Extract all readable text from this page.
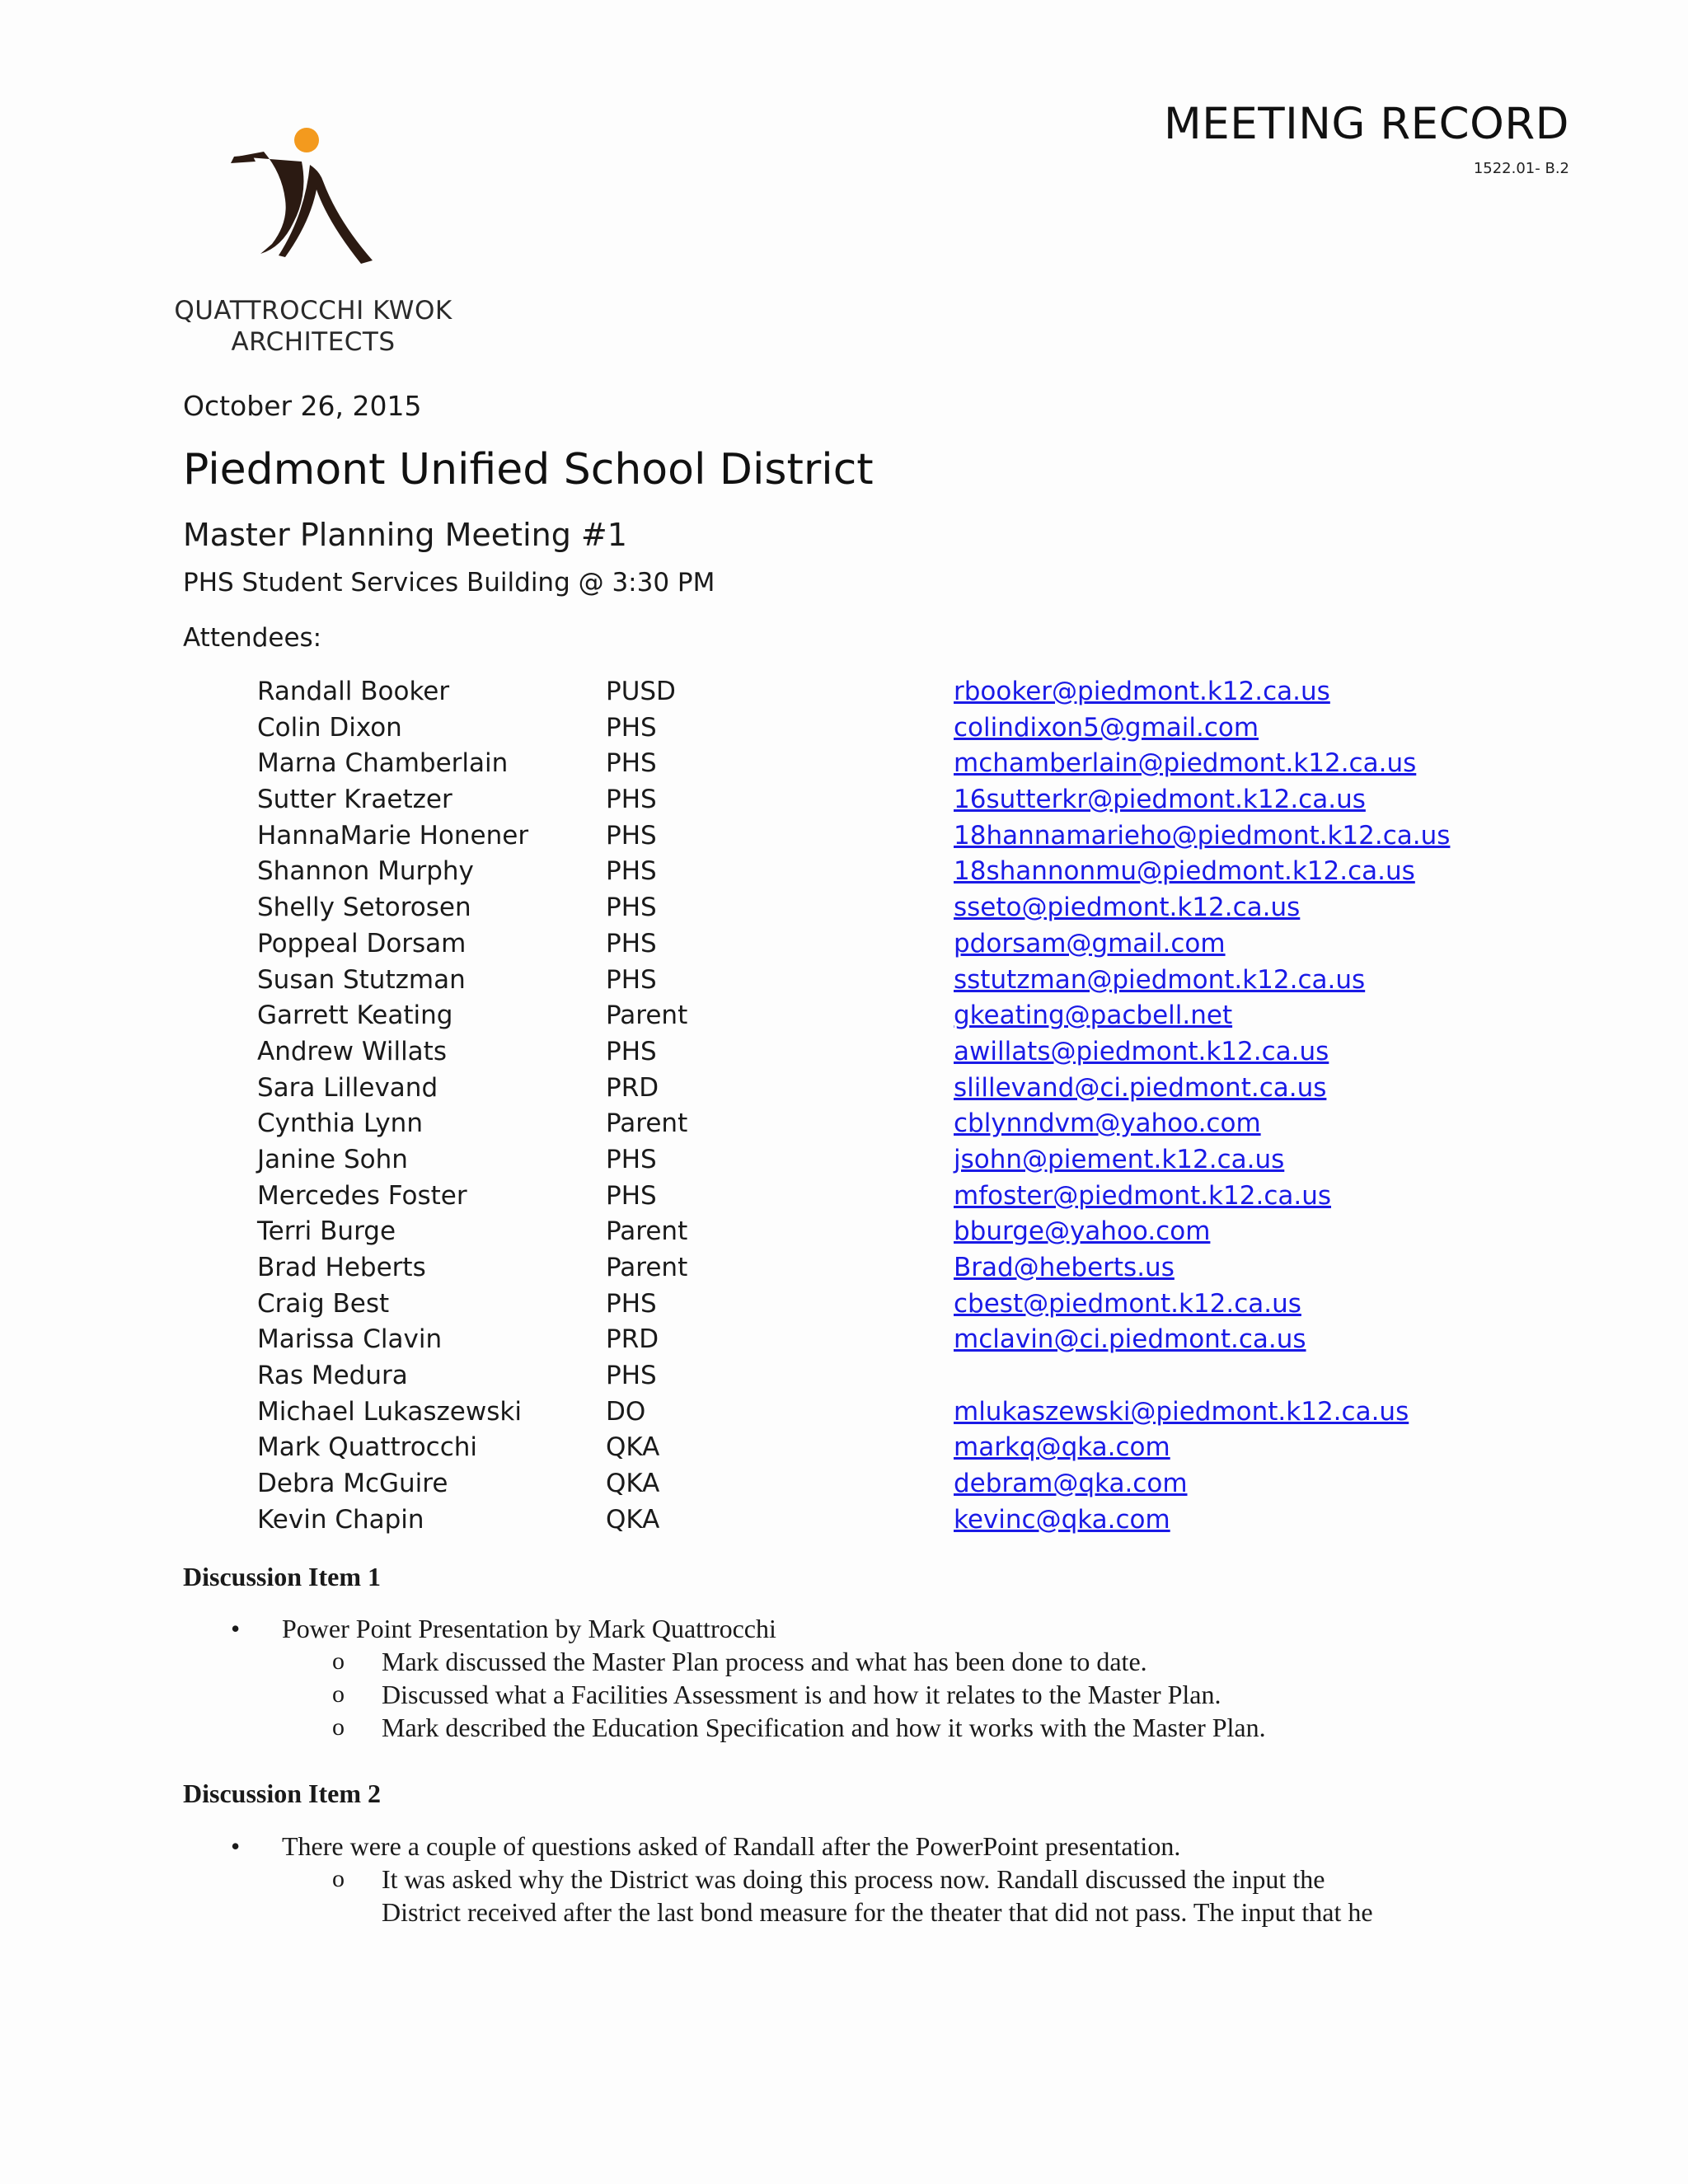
MEETING RECORD
1522.01- B.2
QUATTROCCHI KWOK
ARCHITECTS
October 26, 2015
Piedmont Unified School District
Master Planning Meeting #1
PHS Student Services Building @ 3:30 PM
Attendees:
Randall Booker	PUSD	rbooker@piedmont.k12.ca.us
Colin Dixon	PHS	colindixon5@gmail.com
Marna Chamberlain	PHS	mchamberlain@piedmont.k12.ca.us
Sutter Kraetzer	PHS	16sutterkr@piedmont.k12.ca.us
HannaMarie Honener	PHS	18hannamarieho@piedmont.k12.ca.us
Shannon Murphy	PHS	18shannonmu@piedmont.k12.ca.us
Shelly Setorosen	PHS	sseto@piedmont.k12.ca.us
Poppeal Dorsam	PHS	pdorsam@gmail.com
Susan Stutzman	PHS	sstutzman@piedmont.k12.ca.us
Garrett Keating	Parent	gkeating@pacbell.net
Andrew Willats	PHS	awillats@piedmont.k12.ca.us
Sara Lillevand	PRD	slillevand@ci.piedmont.ca.us
Cynthia Lynn	Parent	cblynndvm@yahoo.com
Janine Sohn	PHS	jsohn@piement.k12.ca.us
Mercedes Foster	PHS	mfoster@piedmont.k12.ca.us
Terri Burge	Parent	bburge@yahoo.com
Brad Heberts	Parent	Brad@heberts.us
Craig Best	PHS	cbest@piedmont.k12.ca.us
Marissa Clavin	PRD	mclavin@ci.piedmont.ca.us
Ras Medura	PHS
Michael Lukaszewski	DO	mlukaszewski@piedmont.k12.ca.us
Mark Quattrocchi	QKA	markq@qka.com
Debra McGuire	QKA	debram@qka.com
Kevin Chapin	QKA	kevinc@qka.com
Discussion Item 1
• Power Point Presentation by Mark Quattrocchi
o Mark discussed the Master Plan process and what has been done to date.
o Discussed what a Facilities Assessment is and how it relates to the Master Plan.
o Mark described the Education Specification and how it works with the Master Plan.
Discussion Item 2
• There were a couple of questions asked of Randall after the PowerPoint presentation.
o It was asked why the District was doing this process now. Randall discussed the input the
District received after the last bond measure for the theater that did not pass. The input that he
